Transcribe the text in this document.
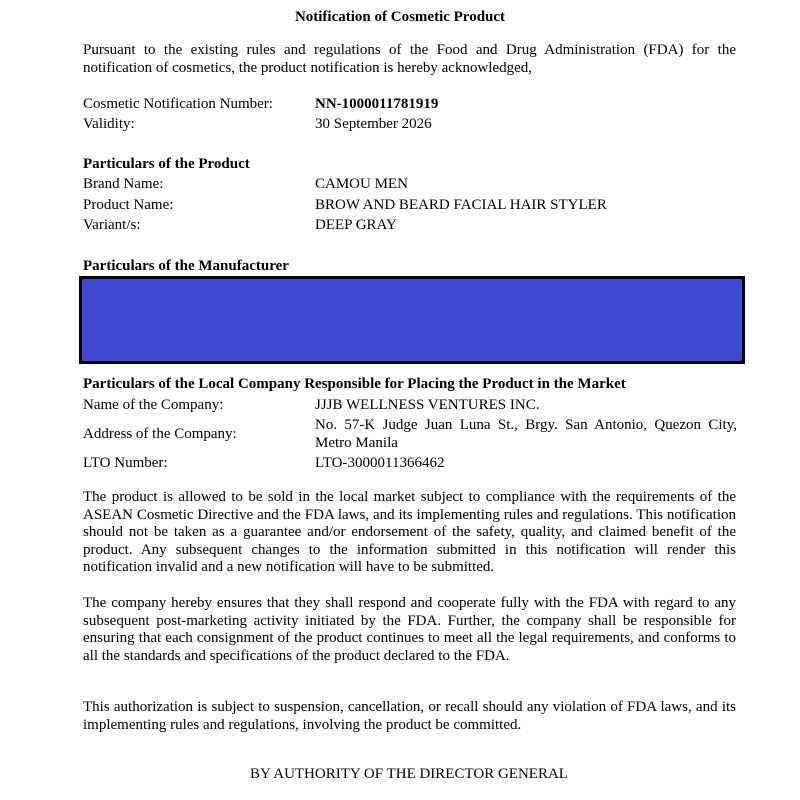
Notification of Cosmetic Product
Pursuant to the existing rules and regulations of the Food and Drug Administration (FDA) for the notification of cosmetics, the product notification is hereby acknowledged,
Cosmetic Notification Number:	NN-1000011781919
Validity:	30 September 2026
Particulars of the Product
Brand Name:	CAMOU MEN
Product Name:	BROW AND BEARD FACIAL HAIR STYLER
Variant/s:	DEEP GRAY
Particulars of the Manufacturer
Particulars of the Local Company Responsible for Placing the Product in the Market
Name of the Company:	JJJB WELLNESS VENTURES INC.
Address of the Company:
No. 57-K Judge Juan Luna St., Brgy. San Antonio, Quezon City, Metro Manila
LTO Number:	LTO-3000011366462
The product is allowed to be sold in the local market subject to compliance with the requirements of the ASEAN Cosmetic Directive and the FDA laws, and its implementing rules and regulations. This notification should not be taken as a guarantee and/or endorsement of the safety, quality, and claimed benefit of the product. Any subsequent changes to the information submitted in this notification will render this notification invalid and a new notification will have to be submitted.
The company hereby ensures that they shall respond and cooperate fully with the FDA with regard to any subsequent post-marketing activity initiated by the FDA. Further, the company shall be responsible for ensuring that each consignment of the product continues to meet all the legal requirements, and conforms to all the standards and specifications of the product declared to the FDA.
This authorization is subject to suspension, cancellation, or recall should any violation of FDA laws, and its implementing rules and regulations, involving the product be committed.
BY AUTHORITY OF THE DIRECTOR GENERAL
